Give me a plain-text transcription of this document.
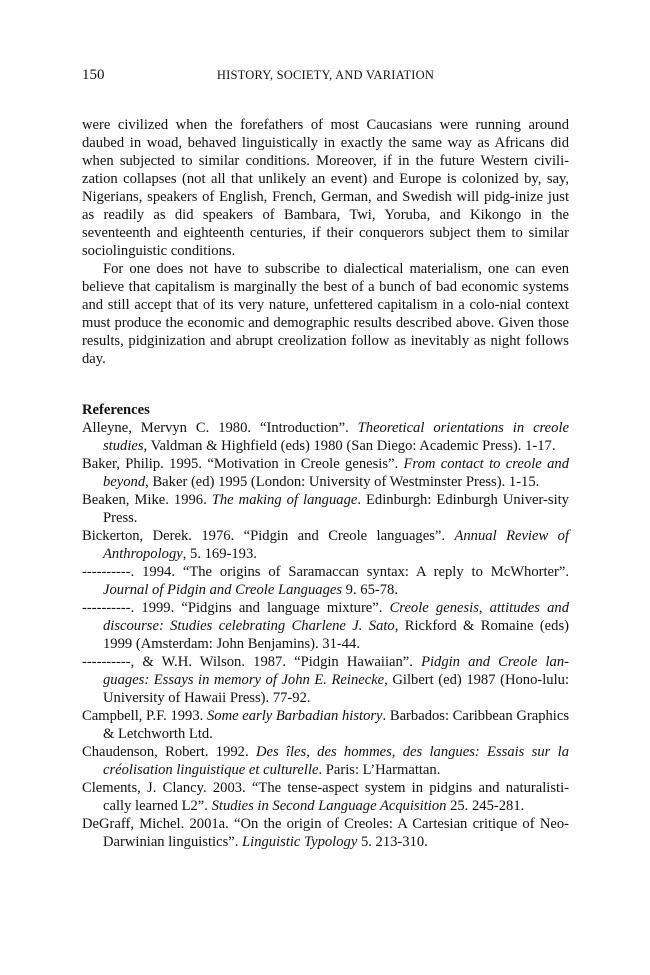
150	HISTORY, SOCIETY, AND VARIATION

were civilized when the forefathers of most Caucasians were running around daubed in woad, behaved linguistically in exactly the same way as Africans did when subjected to similar conditions. Moreover, if in the future Western civili-zation collapses (not all that unlikely an event) and Europe is colonized by, say, Nigerians, speakers of English, French, German, and Swedish will pidg-inize just as readily as did speakers of Bambara, Twi, Yoruba, and Kikongo in the seventeenth and eighteenth centuries, if their conquerors subject them to similar sociolinguistic conditions.

For one does not have to subscribe to dialectical materialism, one can even believe that capitalism is marginally the best of a bunch of bad economic systems and still accept that of its very nature, unfettered capitalism in a colo-nial context must produce the economic and demographic results described above. Given those results, pidginization and abrupt creolization follow as inevitably as night follows day.

References
Alleyne, Mervyn C. 1980. “Introduction”. Theoretical orientations in creole studies, Valdman & Highfield (eds) 1980 (San Diego: Academic Press). 1-17.
Baker, Philip. 1995. “Motivation in Creole genesis”. From contact to creole and beyond, Baker (ed) 1995 (London: University of Westminster Press). 1-15.
Beaken, Mike. 1996. The making of language. Edinburgh: Edinburgh Univer-sity Press.
Bickerton, Derek. 1976. “Pidgin and Creole languages”. Annual Review of Anthropology, 5. 169-193.
----------. 1994. “The origins of Saramaccan syntax: A reply to McWhorter”. Journal of Pidgin and Creole Languages 9. 65-78.
----------. 1999. “Pidgins and language mixture”. Creole genesis, attitudes and discourse: Studies celebrating Charlene J. Sato, Rickford & Romaine (eds) 1999 (Amsterdam: John Benjamins). 31-44.
----------, & W.H. Wilson. 1987. “Pidgin Hawaiian”. Pidgin and Creole lan-guages: Essays in memory of John E. Reinecke, Gilbert (ed) 1987 (Hono-lulu: University of Hawaii Press). 77-92.
Campbell, P.F. 1993. Some early Barbadian history. Barbados: Caribbean Graphics & Letchworth Ltd.
Chaudenson, Robert. 1992. Des îles, des hommes, des langues: Essais sur la créolisation linguistique et culturelle. Paris: L’Harmattan.
Clements, J. Clancy. 2003. “The tense-aspect system in pidgins and naturalisti-cally learned L2”. Studies in Second Language Acquisition 25. 245-281.
DeGraff, Michel. 2001a. “On the origin of Creoles: A Cartesian critique of Neo-Darwinian linguistics”. Linguistic Typology 5. 213-310.
